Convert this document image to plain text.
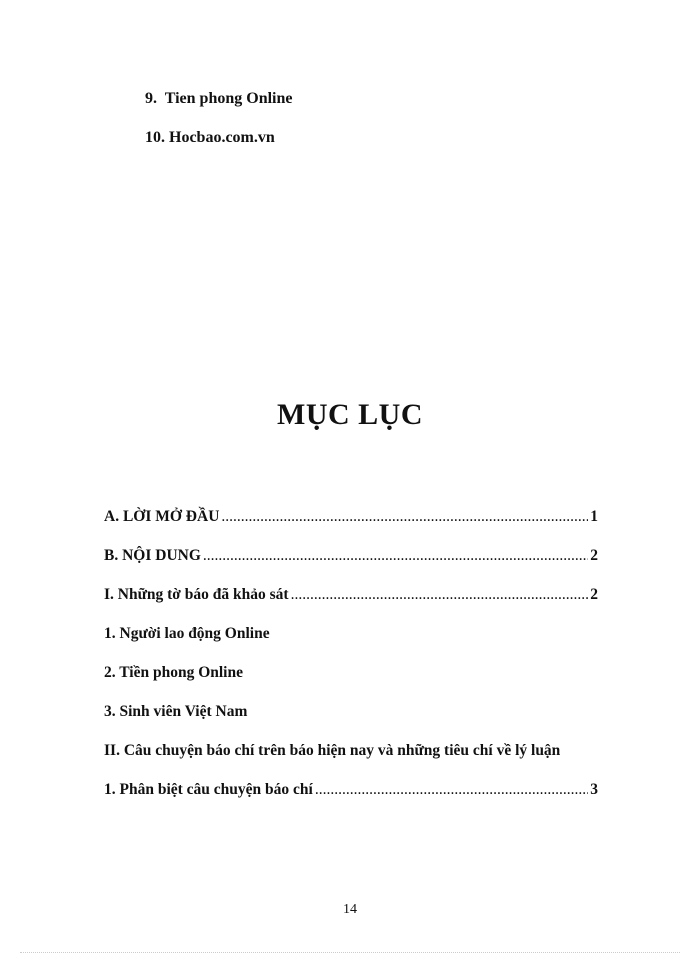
9. Tien phong Online
10. Hocbao.com.vn
MỤC LỤC
A. LỜI MỞ ĐẦU .....	1
B. NỘI DUNG .....	2
I. Những tờ báo đã khảo sát .....	2
1. Người lao động Online
2. Tiền phong Online
3. Sinh viên Việt Nam
II. Câu chuyện báo chí trên báo hiện nay và những tiêu chí về lý luận
1. Phân biệt câu chuyện báo chí .....	3
14
